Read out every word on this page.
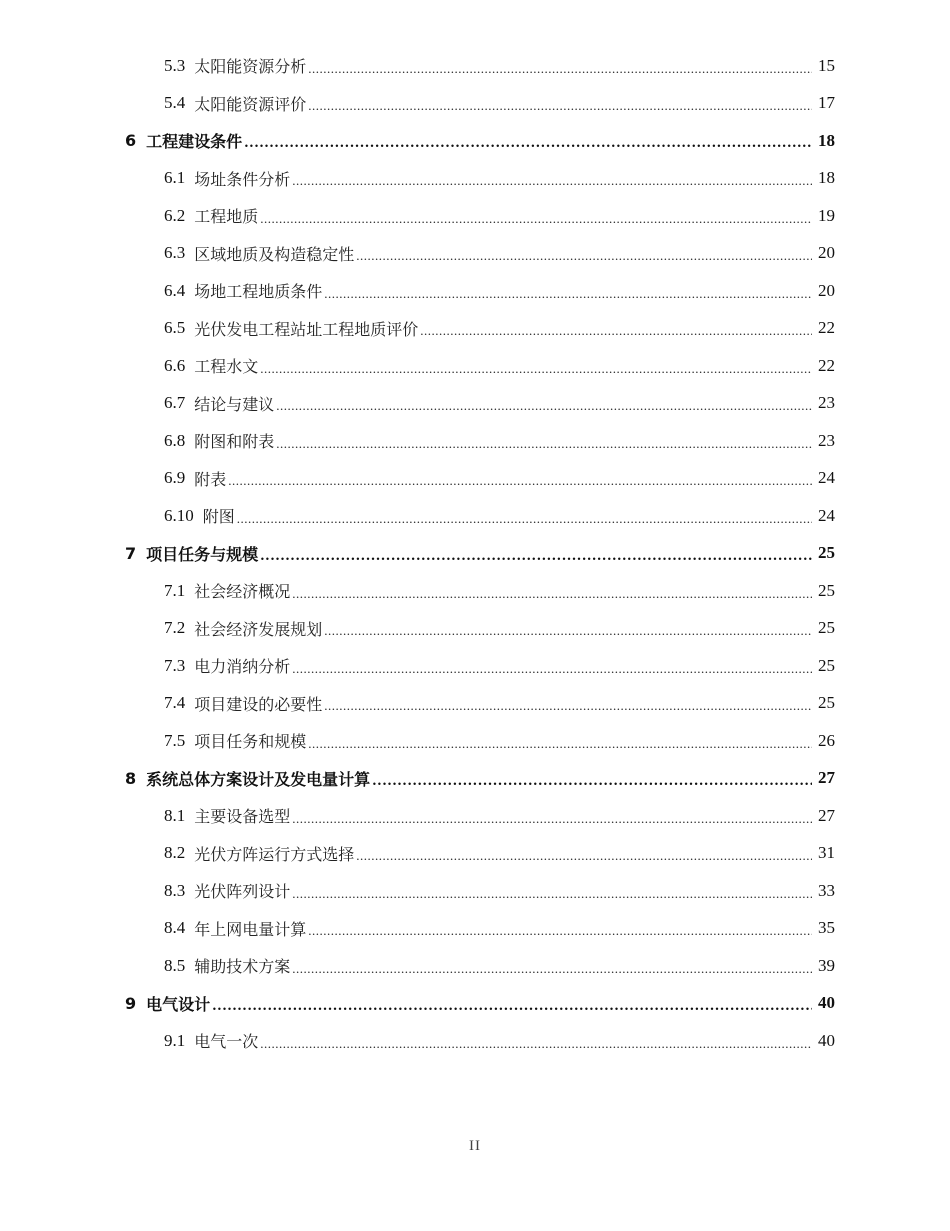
5.3 太阳能资源分析 .....	15
5.4 太阳能资源评价 .....	17
6 工程建设条件 .....	18
6.1 场址条件分析 .....	18
6.2 工程地质 .....	19
6.3 区域地质及构造稳定性 .....	20
6.4 场地工程地质条件 .....	20
6.5 光伏发电工程站址工程地质评价 .....	22
6.6 工程水文 .....	22
6.7 结论与建议 .....	23
6.8 附图和附表 .....	23
6.9 附表 .....	24
6.10 附图 .....	24
7 项目任务与规模 .....	25
7.1 社会经济概况 .....	25
7.2 社会经济发展规划 .....	25
7.3 电力消纳分析 .....	25
7.4 项目建设的必要性 .....	25
7.5 项目任务和规模 .....	26
8 系统总体方案设计及发电量计算 .....	27
8.1 主要设备选型 .....	27
8.2 光伏方阵运行方式选择 .....	31
8.3 光伏阵列设计 .....	33
8.4 年上网电量计算 .....	35
8.5 辅助技术方案 .....	39
9 电气设计 .....	40
9.1 电气一次 .....	40
II
